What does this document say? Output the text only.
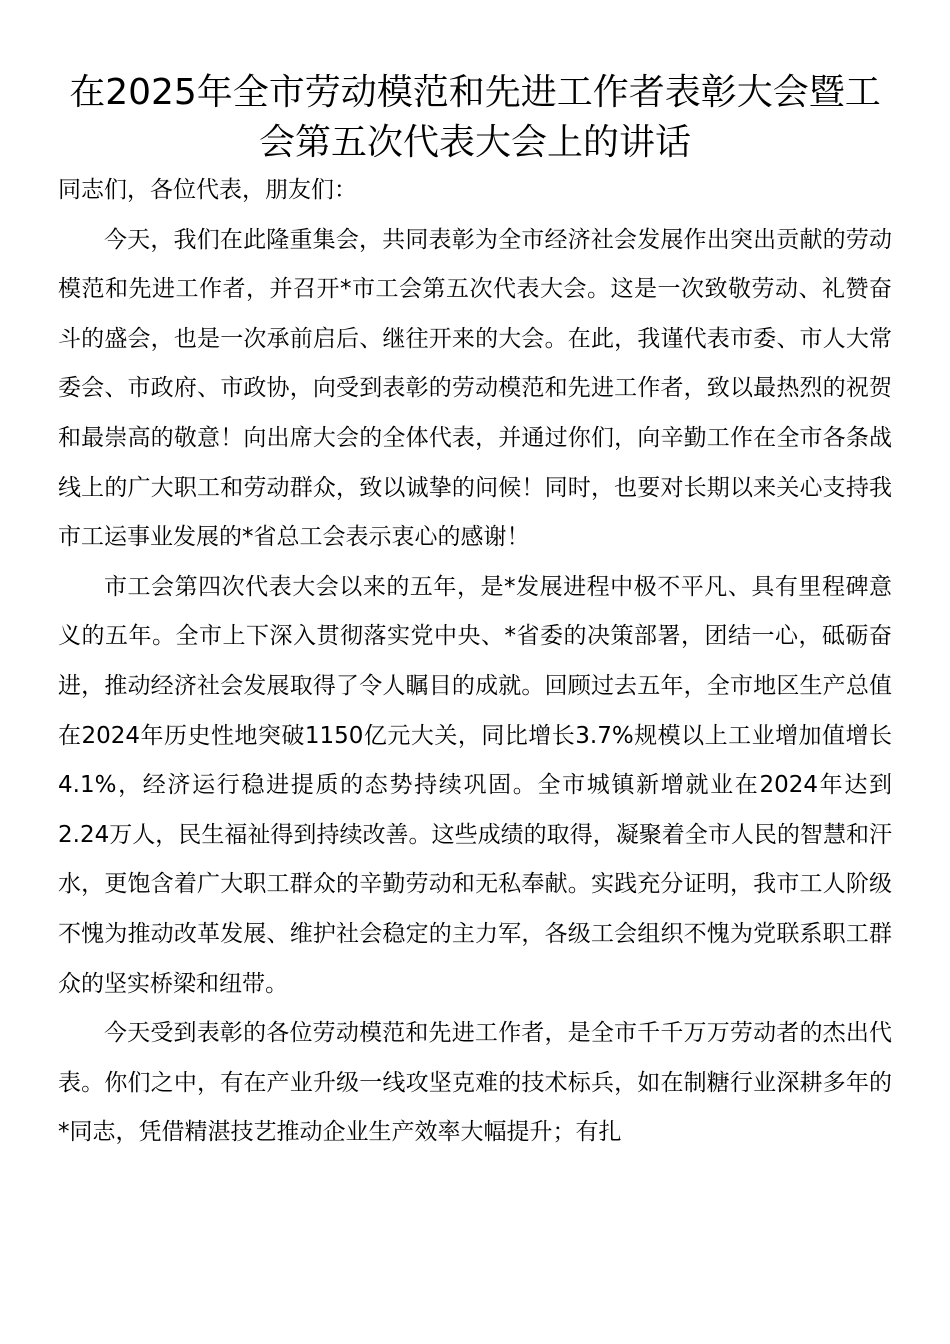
在2025年全市劳动模范和先进工作者表彰大会暨工会第五次代表大会上的讲话

同志们，各位代表，朋友们：

今天，我们在此隆重集会，共同表彰为全市经济社会发展作出突出贡献的劳动模范和先进工作者，并召开*市工会第五次代表大会。这是一次致敬劳动、礼赞奋斗的盛会，也是一次承前启后、继往开来的大会。在此，我谨代表市委、市人大常委会、市政府、市政协，向受到表彰的劳动模范和先进工作者，致以最热烈的祝贺和最崇高的敬意！向出席大会的全体代表，并通过你们，向辛勤工作在全市各条战线上的广大职工和劳动群众，致以诚挚的问候！同时，也要对长期以来关心支持我市工运事业发展的*省总工会表示衷心的感谢！

市工会第四次代表大会以来的五年，是*发展进程中极不平凡、具有里程碑意义的五年。全市上下深入贯彻落实党中央、*省委的决策部署，团结一心，砥砺奋进，推动经济社会发展取得了令人瞩目的成就。回顾过去五年，全市地区生产总值在2024年历史性地突破1150亿元大关，同比增长3.7%规模以上工业增加值增长4.1%，经济运行稳进提质的态势持续巩固。全市城镇新增就业在2024年达到2.24万人，民生福祉得到持续改善。这些成绩的取得，凝聚着全市人民的智慧和汗水，更饱含着广大职工群众的辛勤劳动和无私奉献。实践充分证明，我市工人阶级不愧为推动改革发展、维护社会稳定的主力军，各级工会组织不愧为党联系职工群众的坚实桥梁和纽带。

今天受到表彰的各位劳动模范和先进工作者，是全市千千万万劳动者的杰出代表。你们之中，有在产业升级一线攻坚克难的技术标兵，如在制糖行业深耕多年的*同志，凭借精湛技艺推动企业生产效率大幅提升；有扎
